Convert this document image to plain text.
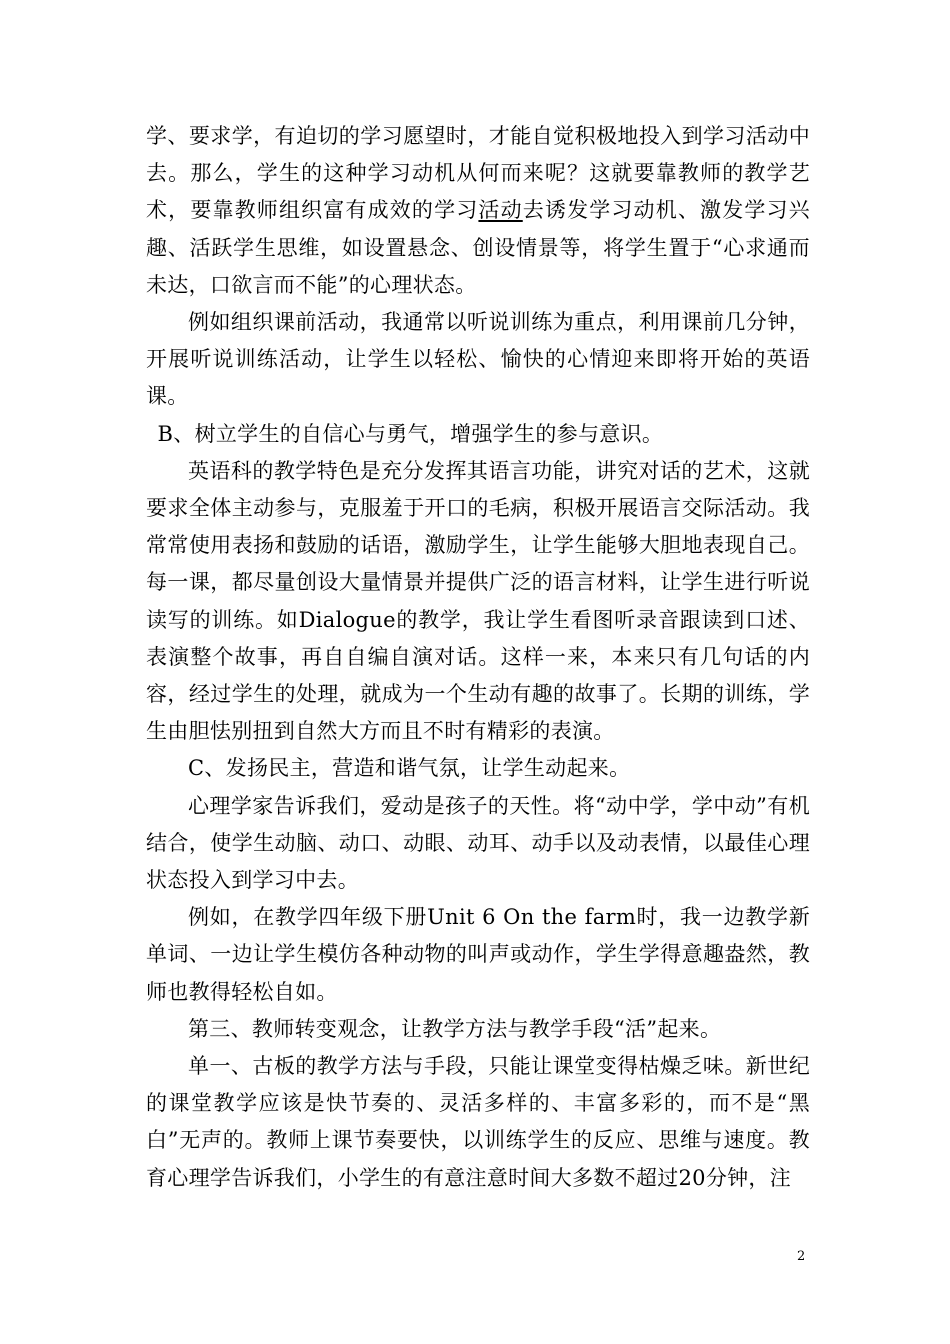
学、要求学，有迫切的学习愿望时，才能自觉积极地投入到学习活动中去。那么，学生的这种学习动机从何而来呢？这就要靠教师的教学艺术，要靠教师组织富有成效的学习活动去诱发学习动机、激发学习兴趣、活跃学生思维，如设置悬念、创设情景等，将学生置于“心求通而未达，口欲言而不能”的心理状态。

例如组织课前活动，我通常以听说训练为重点，利用课前几分钟，开展听说训练活动，让学生以轻松、愉快的心情迎来即将开始的英语课。

B、树立学生的自信心与勇气，增强学生的参与意识。

英语科的教学特色是充分发挥其语言功能，讲究对话的艺术，这就要求全体主动参与，克服羞于开口的毛病，积极开展语言交际活动。我常常使用表扬和鼓励的话语，激励学生，让学生能够大胆地表现自己。每一课，都尽量创设大量情景并提供广泛的语言材料，让学生进行听说读写的训练。如Dialogue的教学，我让学生看图听录音跟读到口述、表演整个故事，再自自编自演对话。这样一来，本来只有几句话的内容，经过学生的处理，就成为一个生动有趣的故事了。长期的训练，学生由胆怯别扭到自然大方而且不时有精彩的表演。

C、发扬民主，营造和谐气氛，让学生动起来。

心理学家告诉我们，爱动是孩子的天性。将“动中学，学中动”有机结合，使学生动脑、动口、动眼、动耳、动手以及动表情，以最佳心理状态投入到学习中去。

例如，在教学四年级下册Unit 6 On the farm时，我一边教学新单词、一边让学生模仿各种动物的叫声或动作，学生学得意趣盎然，教师也教得轻松自如。

第三、教师转变观念，让教学方法与教学手段“活”起来。

单一、古板的教学方法与手段，只能让课堂变得枯燥乏味。新世纪的课堂教学应该是快节奏的、灵活多样的、丰富多彩的，而不是“黑白”无声的。教师上课节奏要快，以训练学生的反应、思维与速度。教育心理学告诉我们，小学生的有意注意时间大多数不超过20分钟，注

2
